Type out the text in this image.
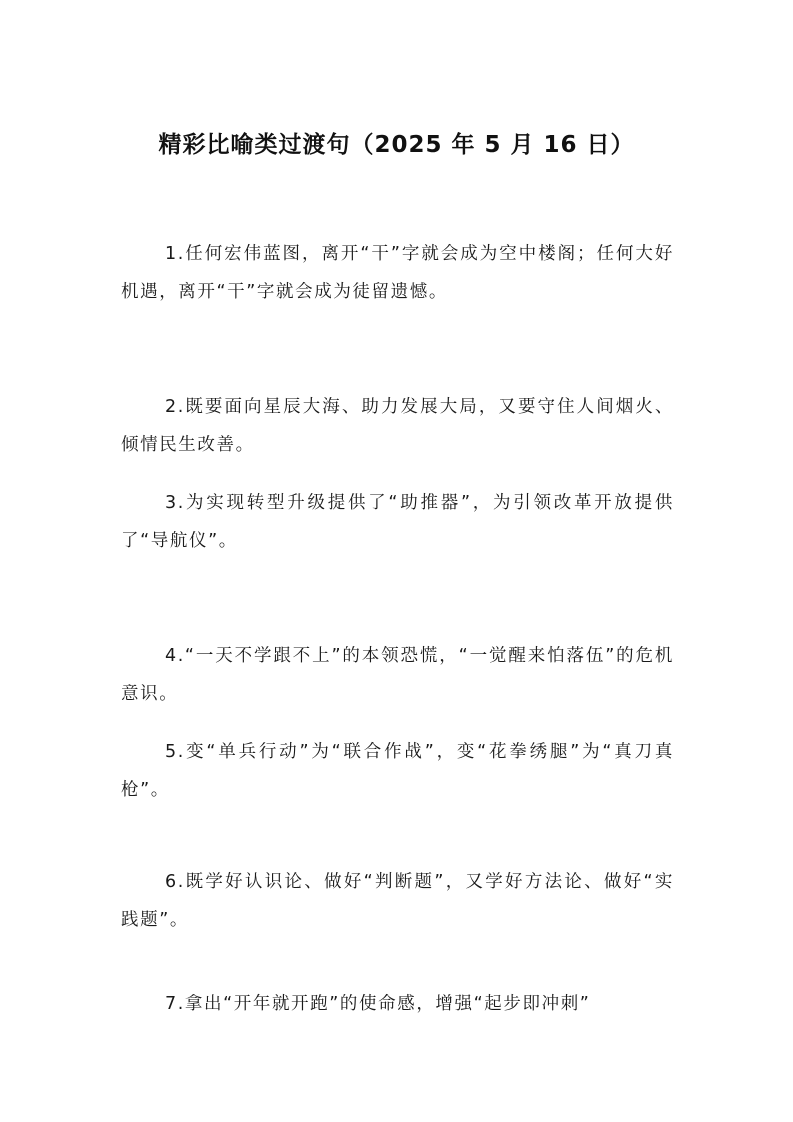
精彩比喻类过渡句（2025 年 5 月 16 日）

1.任何宏伟蓝图，离开“干”字就会成为空中楼阁；任何大好机遇，离开“干”字就会成为徒留遗憾。

2.既要面向星辰大海、助力发展大局，又要守住人间烟火、倾情民生改善。

3.为实现转型升级提供了“助推器”，为引领改革开放提供了“导航仪”。

4.“一天不学跟不上”的本领恐慌，“一觉醒来怕落伍”的危机意识。

5.变“单兵行动”为“联合作战”，变“花拳绣腿”为“真刀真枪”。

6.既学好认识论、做好“判断题”，又学好方法论、做好“实践题”。

7.拿出“开年就开跑”的使命感，增强“起步即冲刺”
